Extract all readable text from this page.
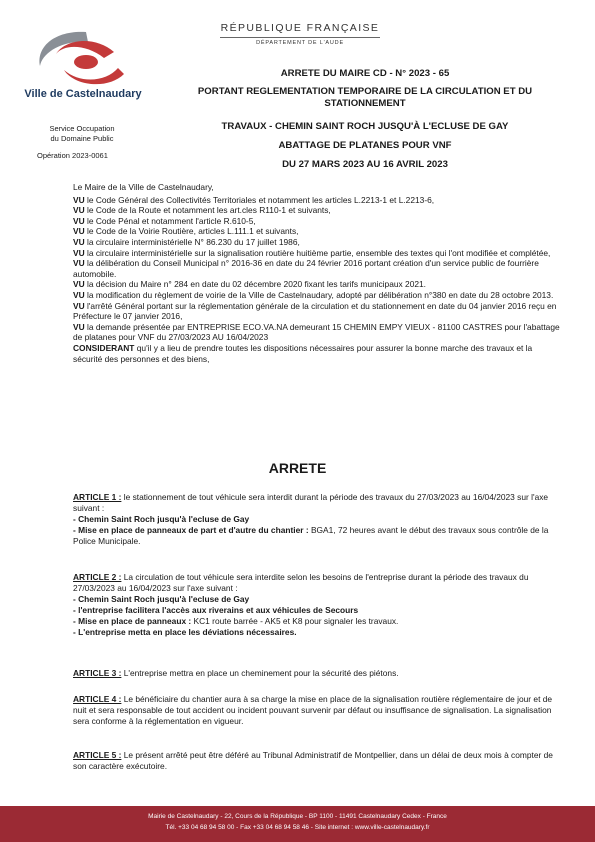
Ville de Castelnaudary
RÉPUBLIQUE FRANÇAISE
DÉPARTEMENT DE L'AUDE
Service Occupation
du Domaine Public
Opération 2023-0061
ARRETE DU MAIRE CD - N° 2023 - 65
PORTANT REGLEMENTATION TEMPORAIRE DE LA CIRCULATION ET DU
STATIONNEMENT
TRAVAUX - CHEMIN SAINT ROCH JUSQU'À L'ECLUSE DE GAY
ABATTAGE DE PLATANES POUR VNF
DU 27 MARS 2023 AU 16 AVRIL 2023

Le Maire de la Ville de Castelnaudary,

VU le Code Général des Collectivités Territoriales et notamment les articles L.2213-1 et L.2213-6,

VU le Code de la Route et notamment les art.cles R110-1 et suivants,

VU le Code Pénal et notamment l'article R.610-5,

VU le Code de la Voirie Routière, articles L.111.1 et suivants,

VU la circulaire interministérielle N° 86.230 du 17 juillet 1986,

VU la circulaire interministérielle sur la signalisation routière huitième partie, ensemble des textes qui l'ont modifiée et complétée,

VU la délibération du Conseil Municipal n° 2016-36 en date du 24 février 2016 portant création d'un service public de fourrière automobile.

VU la décision du Maire n° 284 en date du 02 décembre 2020 fixant les tarifs municipaux 2021.

VU la modification du règlement de voirie de la Ville de Castelnaudary, adopté par délibération n°380 en date du 28 octobre 2013.

VU l'arrêté Général portant sur la réglementation générale de la circulation et du stationnement en date du 04 janvier 2016 reçu en Préfecture le 07 janvier 2016,

VU la demande présentée par ENTREPRISE ECO.VA.NA demeurant 15 CHEMIN EMPY VIEUX - 81100 CASTRES pour l'abattage de platanes pour VNF du 27/03/2023 AU 16/04/2023

CONSIDERANT qu'il y a lieu de prendre toutes les dispositions nécessaires pour assurer la bonne marche des travaux et la sécurité des personnes et des biens,

ARRETE

ARTICLE 1 : le stationnement de tout véhicule sera interdit durant la période des travaux du 27/03/2023 au 16/04/2023 sur l'axe suivant :

- Chemin Saint Roch jusqu'à l'ecluse de Gay

- Mise en place de panneaux de part et d'autre du chantier : BGA1, 72 heures avant le début des travaux sous contrôle de la Police Municipale.

ARTICLE 2 : La circulation de tout véhicule sera interdite selon les besoins de l'entreprise durant la période des travaux du 27/03/2023 au 16/04/2023 sur l'axe suivant :

- Chemin Saint Roch jusqu'à l'ecluse de Gay

- l'entreprise facilitera l'accès aux riverains et aux véhicules de Secours

- Mise en place de panneaux : KC1 route barrée - AK5 et K8 pour signaler les travaux.

- L'entreprise metta en place les déviations nécessaires.

ARTICLE 3 : L'entreprise mettra en place un cheminement pour la sécurité des piétons.

ARTICLE 4 : Le bénéficiaire du chantier aura à sa charge la mise en place de la signalisation routière réglementaire de jour et de nuit et sera responsable de tout accident ou incident pouvant survenir par défaut ou insuffisance de signalisation. La signalisation sera conforme à la réglementation en vigueur.

ARTICLE 5 : Le présent arrêté peut être déféré au Tribunal Administratif de Montpellier, dans un délai de deux mois à compter de son caractère exécutoire.

Mairie de Castelnaudary - 22, Cours de la République - BP 1100 - 11491 Castelnaudary Cedex - France
Tél. +33 04 68 94 58 00 - Fax +33 04 68 94 58 46 - Site internet : www.ville-castelnaudary.fr
